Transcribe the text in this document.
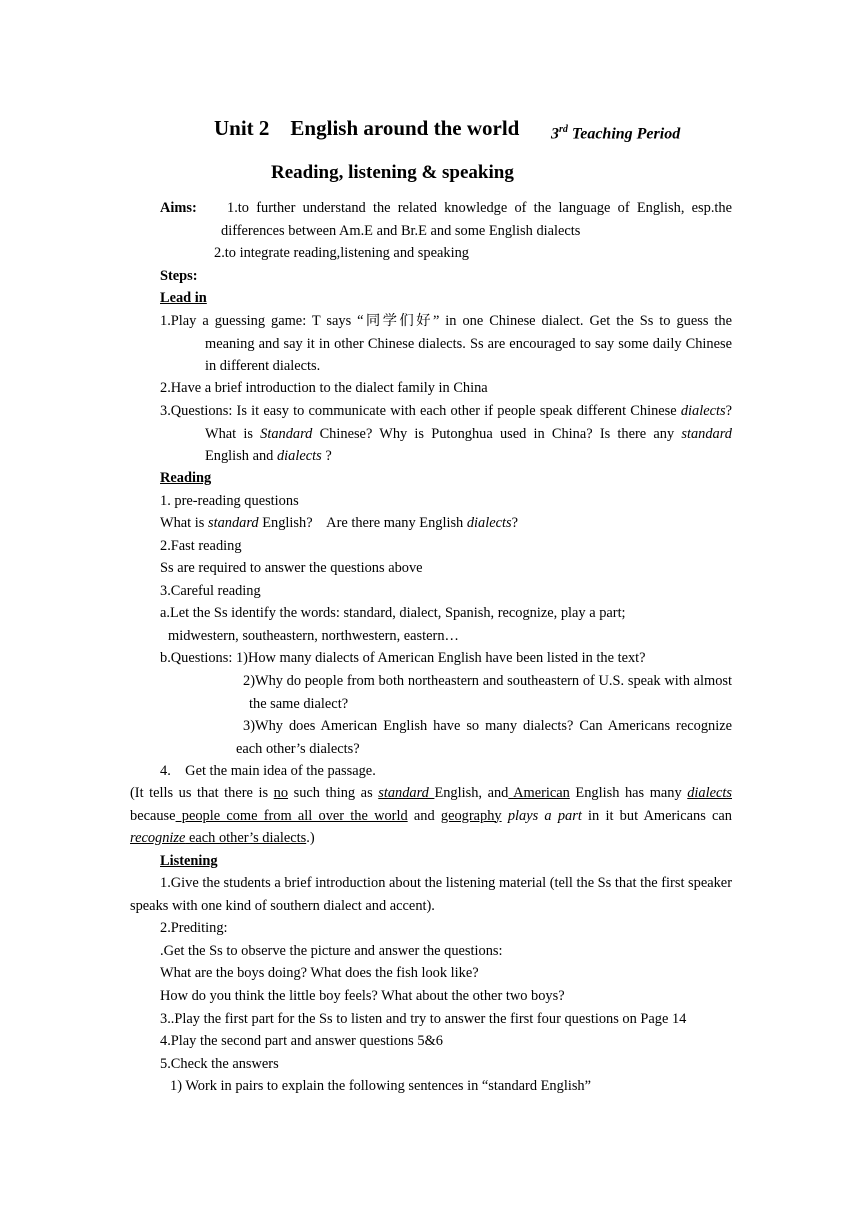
Unit 2    English around the world 3rd Teaching Period
Reading, listening & speaking
Aims:	1.to further understand the related knowledge of the language of English, esp.the differences between Am.E and Br.E and some English dialects
2.to integrate reading,listening and speaking
Steps:
Lead in
1.Play a guessing game: T says “同学们好” in one Chinese dialect. Get the Ss to guess the meaning and say it in other Chinese dialects. Ss are encouraged to say some daily Chinese in different dialects.
2.Have a brief introduction to the dialect family in China
3.Questions: Is it easy to communicate with each other if people speak different Chinese dialects? What is Standard Chinese? Why is Putonghua used in China? Is there any standard English and dialects ?
Reading
1. pre-reading questions
What is standard English?    Are there many English dialects?
2.Fast reading
Ss are required to answer the questions above
3.Careful reading
a.Let the Ss identify the words: standard, dialect, Spanish, recognize, play a part;
midwestern, southeastern, northwestern, eastern…
b.Questions: 1)How many dialects of American English have been listed in the text?
2)Why do people from both northeastern and southeastern of U.S. speak with almost the same dialect?
3)Why does American English have so many dialects? Can Americans recognize each other’s dialects?
4.    Get the main idea of the passage.
(It tells us that there is no such thing as standard English, and American English has many dialects because people come from all over the world and geography plays a part in it but Americans can recognize each other’s dialects.)
Listening
1.Give the students a brief introduction about the listening material (tell the Ss that the first speaker speaks with one kind of southern dialect and accent).
2.Prediting:
.Get the Ss to observe the picture and answer the questions:
What are the boys doing? What does the fish look like?
How do you think the little boy feels? What about the other two boys?
3..Play the first part for the Ss to listen and try to answer the first four questions on Page 14
4.Play the second part and answer questions 5&6
5.Check the answers
1) Work in pairs to explain the following sentences in “standard English”
